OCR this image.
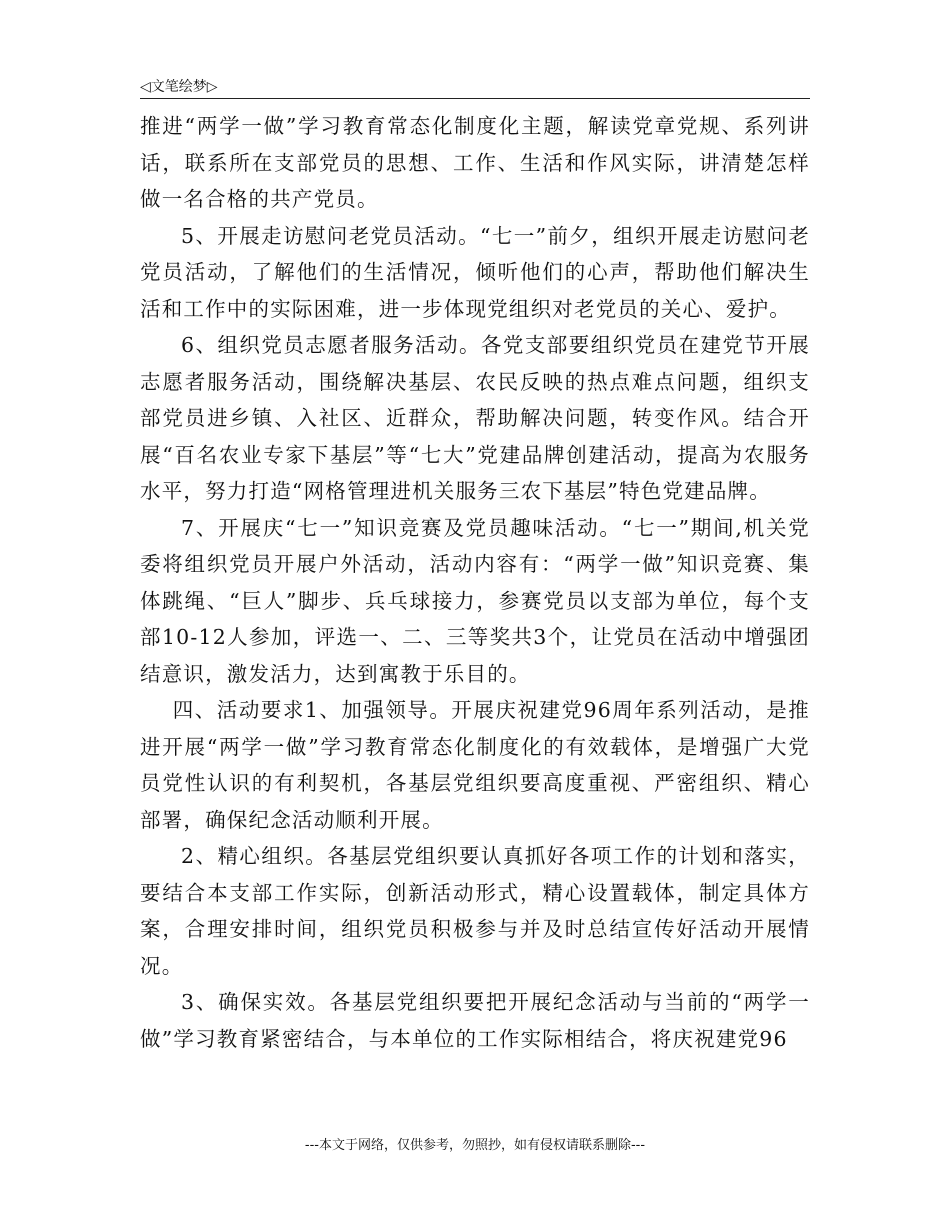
◁文笔绘梦▷

推进“两学一做”学习教育常态化制度化主题，解读党章党规、系列讲话，联系所在支部党员的思想、工作、生活和作风实际，讲清楚怎样做一名合格的共产党员。

5、开展走访慰问老党员活动。“七一”前夕，组织开展走访慰问老党员活动，了解他们的生活情况，倾听他们的心声，帮助他们解决生活和工作中的实际困难，进一步体现党组织对老党员的关心、爱护。

6、组织党员志愿者服务活动。各党支部要组织党员在建党节开展志愿者服务活动，围绕解决基层、农民反映的热点难点问题，组织支部党员进乡镇、入社区、近群众，帮助解决问题，转变作风。结合开展“百名农业专家下基层”等“七大”党建品牌创建活动，提高为农服务水平，努力打造“网格管理进机关服务三农下基层”特色党建品牌。

7、开展庆“七一”知识竞赛及党员趣味活动。“七一”期间,机关党委将组织党员开展户外活动，活动内容有：“两学一做”知识竞赛、集体跳绳、“巨人”脚步、兵乓球接力，参赛党员以支部为单位，每个支部10-12人参加，评选一、二、三等奖共3个，让党员在活动中增强团结意识，激发活力，达到寓教于乐目的。

四、活动要求1、加强领导。开展庆祝建党96周年系列活动，是推进开展“两学一做”学习教育常态化制度化的有效载体，是增强广大党员党性认识的有利契机，各基层党组织要高度重视、严密组织、精心部署，确保纪念活动顺利开展。

2、精心组织。各基层党组织要认真抓好各项工作的计划和落实，要结合本支部工作实际，创新活动形式，精心设置载体，制定具体方案，合理安排时间，组织党员积极参与并及时总结宣传好活动开展情况。

3、确保实效。各基层党组织要把开展纪念活动与当前的“两学一做”学习教育紧密结合，与本单位的工作实际相结合，将庆祝建党96

---本文于网络，仅供参考，勿照抄，如有侵权请联系删除---
